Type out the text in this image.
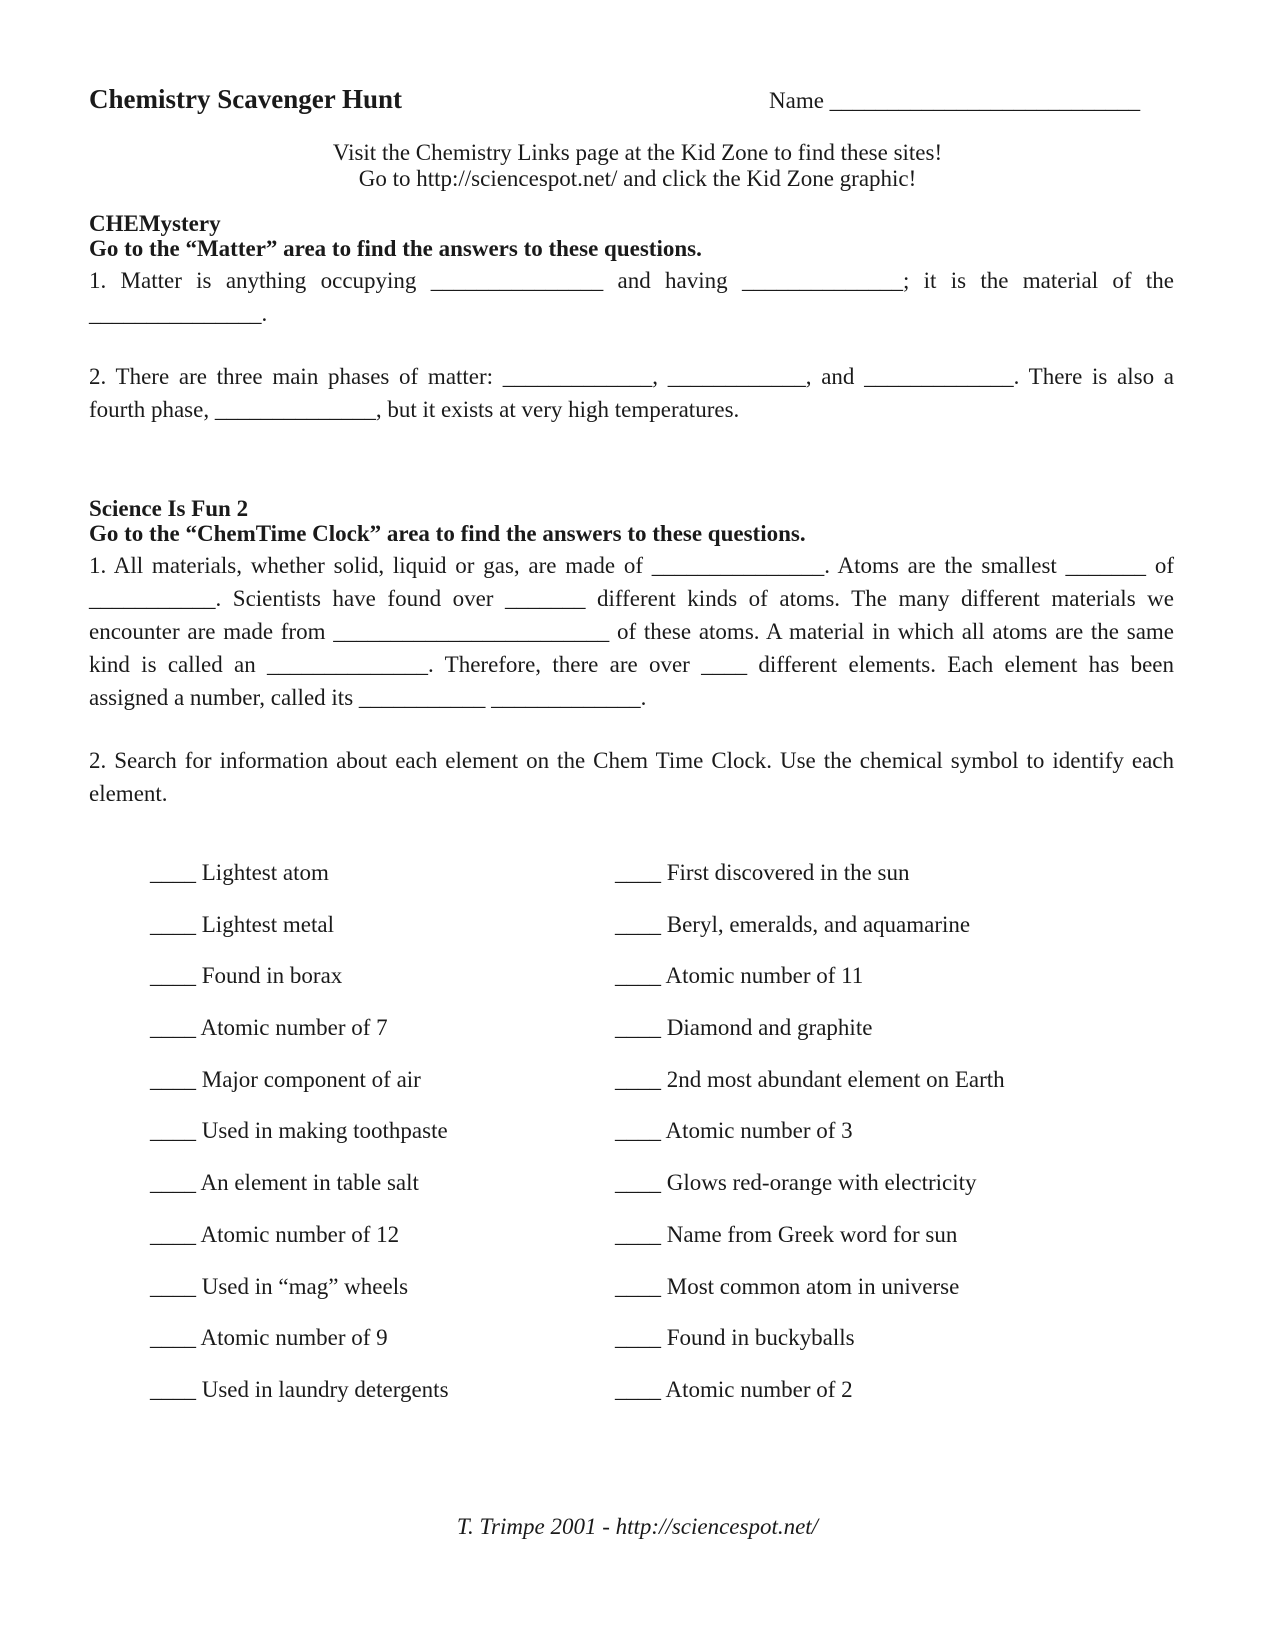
Chemistry Scavenger Hunt	Name ___________________________
Visit the Chemistry Links page at the Kid Zone to find these sites!
Go to http://sciencespot.net/ and click the Kid Zone graphic!

CHEMystery

Go to the “Matter” area to find the answers to these questions.

1. Matter is anything occupying _______________ and having ______________; it is the material of the _______________.

2. There are three main phases of matter: _____________, ____________, and _____________. There is also a fourth phase, ______________, but it exists at very high temperatures.

Science Is Fun 2

Go to the “ChemTime Clock” area to find the answers to these questions.

1. All materials, whether solid, liquid or gas, are made of _______________. Atoms are the smallest _______ of ___________. Scientists have found over _______ different kinds of atoms. The many different materials we encounter are made from ________________________ of these atoms. A material in which all atoms are the same kind is called an ______________. Therefore, there are over ____ different elements. Each element has been assigned a number, called its ___________ _____________.

2. Search for information about each element on the Chem Time Clock. Use the chemical symbol to identify each element.

____ Lightest atom
____ Lightest metal
____ Found in borax
____ Atomic number of 7
____ Major component of air
____ Used in making toothpaste
____ An element in table salt
____ Atomic number of 12
____ Used in “mag” wheels
____ Atomic number of 9
____ Used in laundry detergents
____ First discovered in the sun
____ Beryl, emeralds, and aquamarine
____ Atomic number of 11
____ Diamond and graphite
____ 2nd most abundant element on Earth
____ Atomic number of 3
____ Glows red-orange with electricity
____ Name from Greek word for sun
____ Most common atom in universe
____ Found in buckyballs
____ Atomic number of 2
T. Trimpe 2001 - http://sciencespot.net/
